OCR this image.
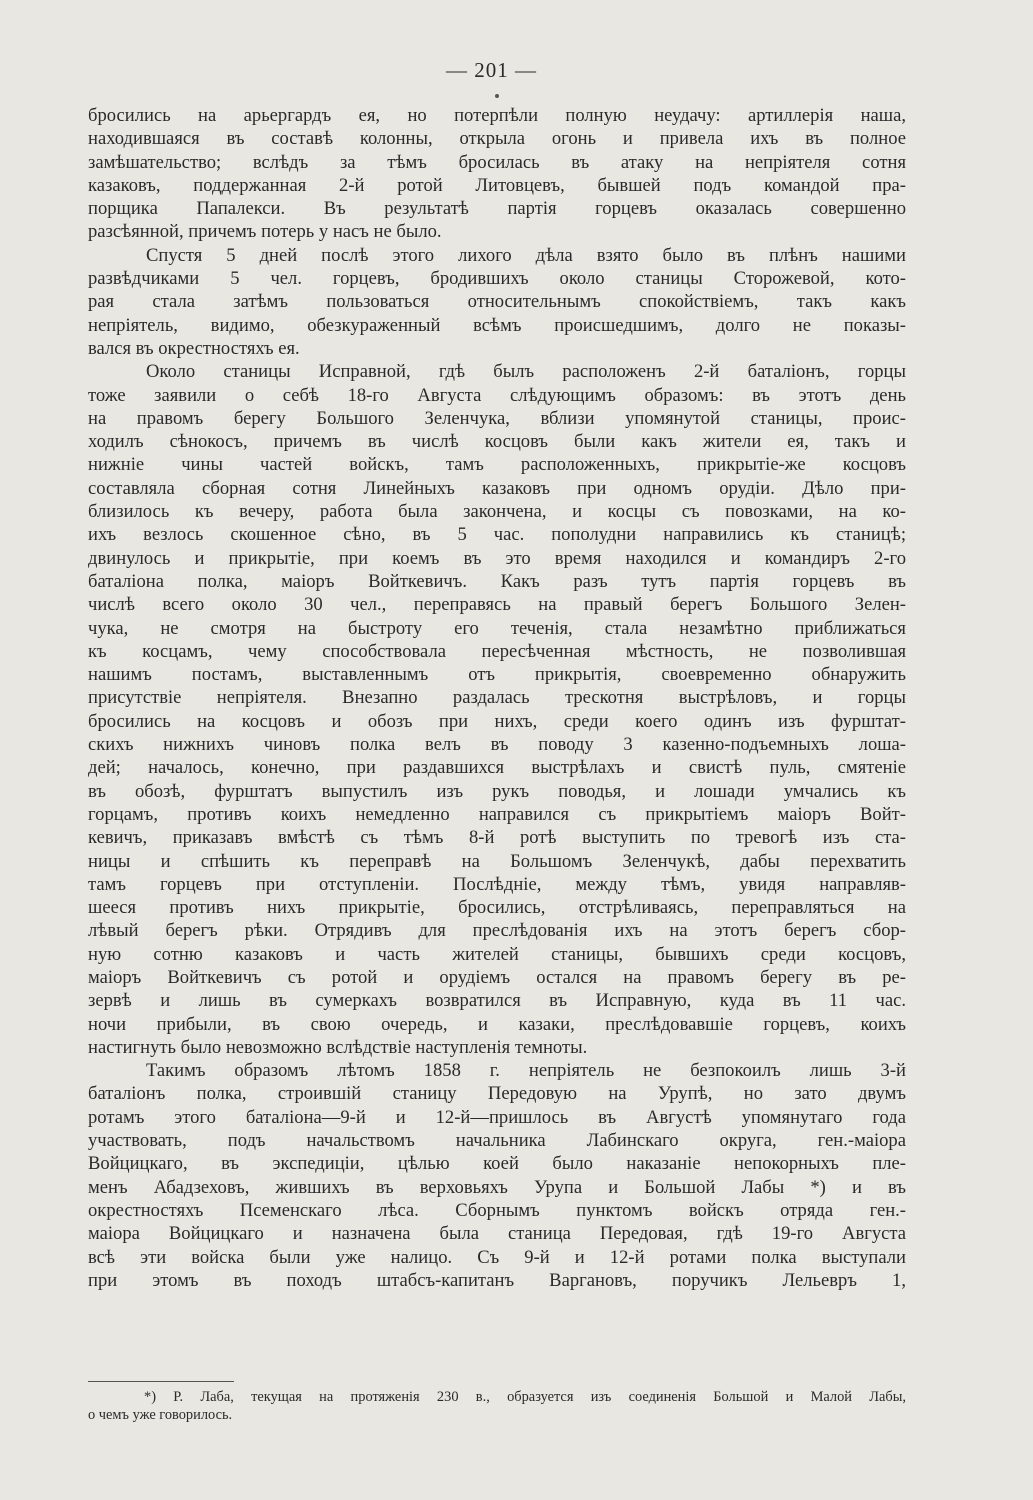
— 201 —
бросились на арьергардъ ея, но потерпѣли полную неудачу: артиллерія наша,
находившаяся въ составѣ колонны, открыла огонь и привела ихъ въ полное
замѣшательство; вслѣдъ за тѣмъ бросилась въ атаку на непріятеля сотня
казаковъ, поддержанная 2-й ротой Литовцевъ, бывшей подъ командой пра-
порщика Папалекси. Въ результатѣ партія горцевъ оказалась совершенно
разсѣянной, причемъ потерь у насъ не было.
Спустя 5 дней послѣ этого лихого дѣла взято было въ плѣнъ нашими
развѣдчиками 5 чел. горцевъ, бродившихъ около станицы Сторожевой, кото-
рая стала затѣмъ пользоваться относительнымъ спокойствіемъ, такъ какъ
непріятель, видимо, обезкураженный всѣмъ происшедшимъ, долго не показы-
вался въ окрестностяхъ ея.
Около станицы Исправной, гдѣ былъ расположенъ 2-й баталіонъ, горцы
тоже заявили о себѣ 18-го Августа слѣдующимъ образомъ: въ этотъ день
на правомъ берегу Большого Зеленчука, вблизи упомянутой станицы, проис-
ходилъ сѣнокосъ, причемъ въ числѣ косцовъ были какъ жители ея, такъ и
нижніе чины частей войскъ, тамъ расположенныхъ, прикрытіе-же косцовъ
составляла сборная сотня Линейныхъ казаковъ при одномъ орудіи. Дѣло при-
близилось къ вечеру, работа была закончена, и косцы съ повозками, на ко-
ихъ везлось скошенное сѣно, въ 5 час. пополудни направились къ станицѣ;
двинулось и прикрытіе, при коемъ въ это время находился и командиръ 2-го
баталіона полка, маіоръ Войткевичъ. Какъ разъ тутъ партія горцевъ въ
числѣ всего около 30 чел., переправясь на правый берегъ Большого Зелен-
чука, не смотря на быстроту его теченія, стала незамѣтно приближаться
къ косцамъ, чему способствовала пересѣченная мѣстность, не позволившая
нашимъ постамъ, выставленнымъ отъ прикрытія, своевременно обнаружить
присутствіе непріятеля. Внезапно раздалась трескотня выстрѣловъ, и горцы
бросились на косцовъ и обозъ при нихъ, среди коего одинъ изъ фурштат-
скихъ нижнихъ чиновъ полка велъ въ поводу 3 казенно-подъемныхъ лоша-
дей; началось, конечно, при раздавшихся выстрѣлахъ и свистѣ пуль, смятеніе
въ обозѣ, фурштатъ выпустилъ изъ рукъ поводья, и лошади умчались къ
горцамъ, противъ коихъ немедленно направился съ прикрытіемъ маіоръ Войт-
кевичъ, приказавъ вмѣстѣ съ тѣмъ 8-й ротѣ выступить по тревогѣ изъ ста-
ницы и спѣшить къ переправѣ на Большомъ Зеленчукѣ, дабы перехватить
тамъ горцевъ при отступленіи. Послѣдніе, между тѣмъ, увидя направляв-
шееся противъ нихъ прикрытіе, бросились, отстрѣливаясь, переправляться на
лѣвый берегъ рѣки. Отрядивъ для преслѣдованія ихъ на этотъ берегъ сбор-
ную сотню казаковъ и часть жителей станицы, бывшихъ среди косцовъ,
маіоръ Войткевичъ съ ротой и орудіемъ остался на правомъ берегу въ ре-
зервѣ и лишь въ сумеркахъ возвратился въ Исправную, куда въ 11 час.
ночи прибыли, въ свою очередь, и казаки, преслѣдовавшіе горцевъ, коихъ
настигнуть было невозможно вслѣдствіе наступленія темноты.
Такимъ образомъ лѣтомъ 1858 г. непріятель не безпокоилъ лишь 3-й
баталіонъ полка, строившій станицу Передовую на Урупѣ, но зато двумъ
ротамъ этого баталіона—9-й и 12-й—пришлось въ Августѣ упомянутаго года
участвовать, подъ начальствомъ начальника Лабинскаго округа, ген.-маіора
Войцицкаго, въ экспедиціи, цѣлью коей было наказаніе непокорныхъ пле-
менъ Абадзеховъ, жившихъ въ верховьяхъ Урупа и Большой Лабы *) и въ
окрестностяхъ Псеменскаго лѣса. Сборнымъ пунктомъ войскъ отряда ген.-
маіора Войцицкаго и назначена была станица Передовая, гдѣ 19-го Августа
всѣ эти войска были уже налицо. Съ 9-й и 12-й ротами полка выступали
при этомъ въ походъ штабсъ-капитанъ Варгановъ, поручикъ Лельевръ 1,
*) Р. Лаба, текущая на протяженія 230 в., образуется изъ соединенія Большой и Малой Лабы,
о чемъ уже говорилось.
